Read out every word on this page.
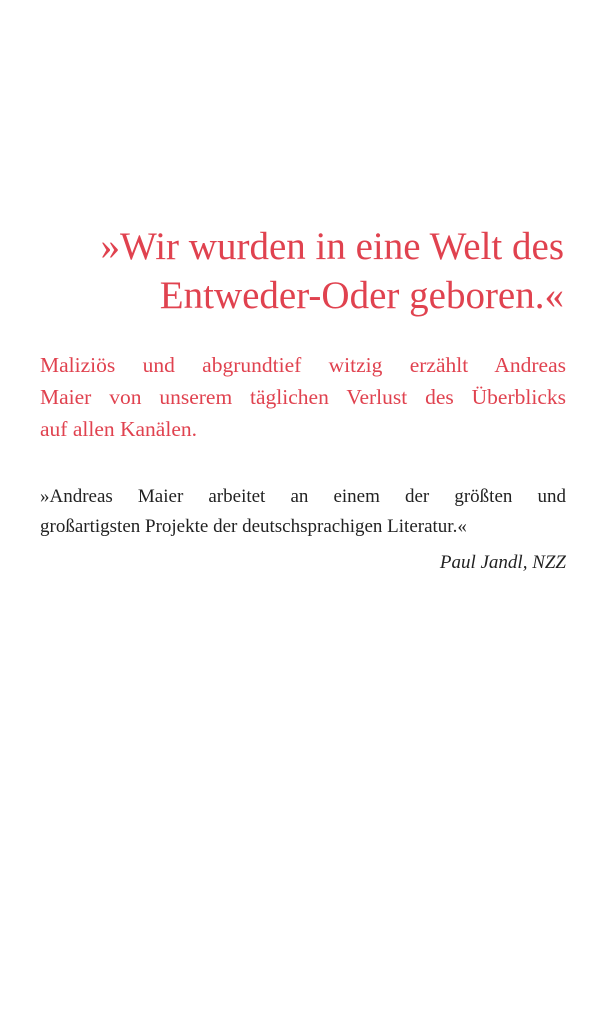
»Wir wurden in eine Welt des
Entweder-Oder geboren.«

Maliziös und abgrundtief witzig erzählt Andreas
Maier von unserem täglichen Verlust des Überblicks
auf allen Kanälen.

»Andreas Maier arbeitet an einem der größten und
großartigsten Projekte der deutschsprachigen Literatur.«

Paul Jandl, NZZ
